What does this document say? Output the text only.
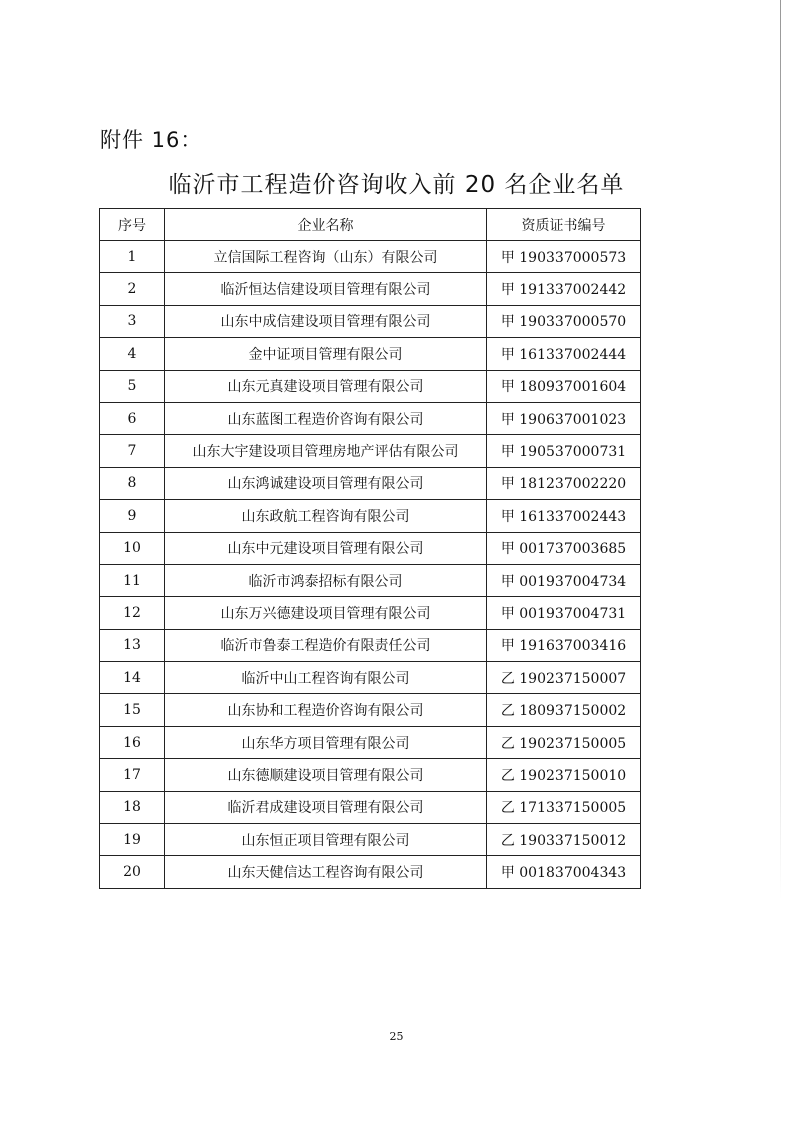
附件 16：
临沂市工程造价咨询收入前 20 名企业名单
序号	企业名称	资质证书编号
1	立信国际工程咨询（山东）有限公司	甲 190337000573
2	临沂恒达信建设项目管理有限公司	甲 191337002442
3	山东中成信建设项目管理有限公司	甲 190337000570
4	金中证项目管理有限公司	甲 161337002444
5	山东元真建设项目管理有限公司	甲 180937001604
6	山东蓝图工程造价咨询有限公司	甲 190637001023
7	山东大宇建设项目管理房地产评估有限公司	甲 190537000731
8	山东鸿诚建设项目管理有限公司	甲 181237002220
9	山东政航工程咨询有限公司	甲 161337002443
10	山东中元建设项目管理有限公司	甲 001737003685
11	临沂市鸿泰招标有限公司	甲 001937004734
12	山东万兴德建设项目管理有限公司	甲 001937004731
13	临沂市鲁泰工程造价有限责任公司	甲 191637003416
14	临沂中山工程咨询有限公司	乙 190237150007
15	山东协和工程造价咨询有限公司	乙 180937150002
16	山东华方项目管理有限公司	乙 190237150005
17	山东德顺建设项目管理有限公司	乙 190237150010
18	临沂君成建设项目管理有限公司	乙 171337150005
19	山东恒正项目管理有限公司	乙 190337150012
20	山东天健信达工程咨询有限公司	甲 001837004343
25
